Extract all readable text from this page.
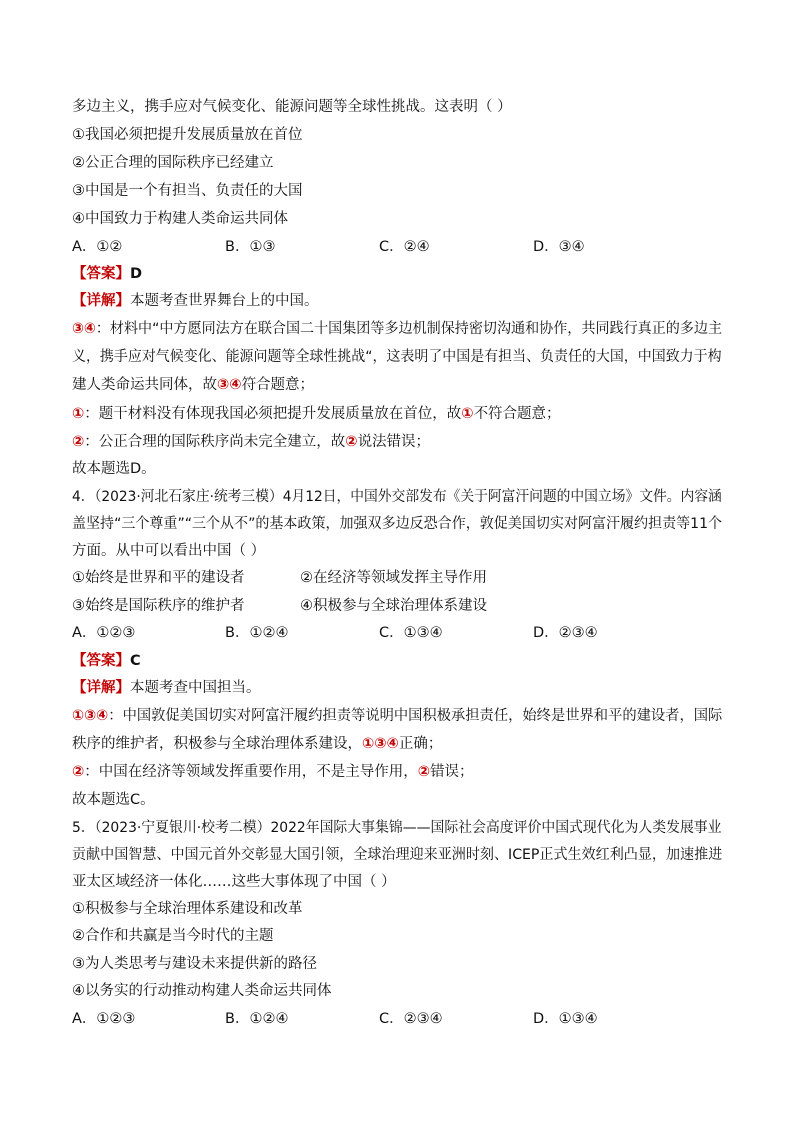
多边主义，携手应对气候变化、能源问题等全球性挑战。这表明（ ）
①我国必须把提升发展质量放在首位
②公正合理的国际秩序已经建立
③中国是一个有担当、负责任的大国
④中国致力于构建人类命运共同体
A．①②	B．①③	C．②④	D．③④
【答案】D
【详解】本题考查世界舞台上的中国。
③④：材料中“中方愿同法方在联合国二十国集团等多边机制保持密切沟通和协作，共同践行真正的多边主
义，携手应对气候变化、能源问题等全球性挑战“，这表明了中国是有担当、负责任的大国，中国致力于构
建人类命运共同体，故③④符合题意；
①：题干材料没有体现我国必须把提升发展质量放在首位，故①不符合题意；
②：公正合理的国际秩序尚未完全建立，故②说法错误；
故本题选D。
4．（2023·河北石家庄·统考三模）4月12日，中国外交部发布《关于阿富汗问题的中国立场》文件。内容涵
盖坚持“三个尊重”“三个从不”的基本政策，加强双多边反恐合作，敦促美国切实对阿富汗履约担责等11个
方面。从中可以看出中国（ ）
①始终是世界和平的建设者	②在经济等领域发挥主导作用
③始终是国际秩序的维护者	④积极参与全球治理体系建设
A．①②③	B．①②④	C．①③④	D．②③④
【答案】C
【详解】本题考查中国担当。
①③④：中国敦促美国切实对阿富汗履约担责等说明中国积极承担责任，始终是世界和平的建设者，国际
秩序的维护者，积极参与全球治理体系建设，①③④正确；
②：中国在经济等领域发挥重要作用，不是主导作用，②错误；
故本题选C。
5．（2023·宁夏银川·校考二模）2022年国际大事集锦——国际社会高度评价中国式现代化为人类发展事业
贡献中国智慧、中国元首外交彰显大国引领，全球治理迎来亚洲时刻、ICEP正式生效红利凸显，加速推进
亚太区域经济一体化……这些大事体现了中国（ ）
①积极参与全球治理体系建设和改革
②合作和共赢是当今时代的主题
③为人类思考与建设未来提供新的路径
④以务实的行动推动构建人类命运共同体
A．①②③	B．①②④	C．②③④	D．①③④
